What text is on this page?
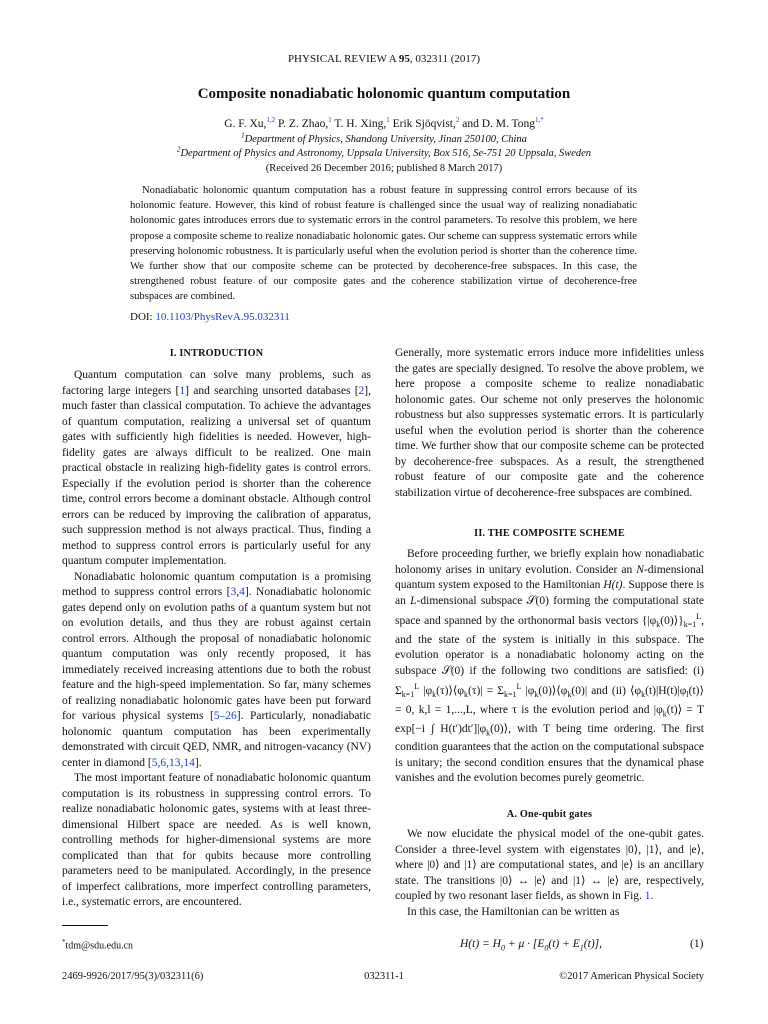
PHYSICAL REVIEW A 95, 032311 (2017)
Composite nonadiabatic holonomic quantum computation
G. F. Xu,$^{1,2}$ P. Z. Zhao,$^1$ T. H. Xing,$^1$ Erik Sjöqvist,$^2$ and D. M. Tong$^{1,*}$
$^1$Department of Physics, Shandong University, Jinan 250100, China
$^2$Department of Physics and Astronomy, Uppsala University, Box 516, Se-751 20 Uppsala, Sweden
(Received 26 December 2016; published 8 March 2017)

Nonadiabatic holonomic quantum computation has a robust feature in suppressing control errors because of its holonomic feature. However, this kind of robust feature is challenged since the usual way of realizing nonadiabatic holonomic gates introduces errors due to systematic errors in the control parameters. To resolve this problem, we here propose a composite scheme to realize nonadiabatic holonomic gates. Our scheme can suppress systematic errors while preserving holonomic robustness. It is particularly useful when the evolution period is shorter than the coherence time. We further show that our composite scheme can be protected by decoherence-free subspaces. In this case, the strengthened robust feature of our composite gates and the coherence stabilization virtue of decoherence-free subspaces are combined.

DOI: 10.1103/PhysRevA.95.032311
I. INTRODUCTION

Quantum computation can solve many problems, such as factoring large integers [1] and searching unsorted databases [2], much faster than classical computation. To achieve the advantages of quantum computation, realizing a universal set of quantum gates with sufficiently high fidelities is needed. However, high-fidelity gates are always difficult to be realized. One main practical obstacle in realizing high-fidelity gates is control errors. Especially if the evolution period is shorter than the coherence time, control errors become a dominant obstacle. Although control errors can be reduced by improving the calibration of apparatus, such suppression method is not always practical. Thus, finding a method to suppress control errors is particularly useful for any quantum computer implementation.

Nonadiabatic holonomic quantum computation is a promising method to suppress control errors [3,4]. Nonadiabatic holonomic gates depend only on evolution paths of a quantum system but not on evolution details, and thus they are robust against certain control errors. Although the proposal of nonadiabatic holonomic quantum computation was only recently proposed, it has immediately received increasing attentions due to both the robust feature and the high-speed implementation. So far, many schemes of realizing nonadiabatic holonomic gates have been put forward for various physical systems [5–26]. Particularly, nonadiabatic holonomic quantum computation has been experimentally demonstrated with circuit QED, NMR, and nitrogen-vacancy (NV) center in diamond [5,6,13,14].

The most important feature of nonadiabatic holonomic quantum computation is its robustness in suppressing control errors. To realize nonadiabatic holonomic gates, systems with at least three-dimensional Hilbert space are needed. As is well known, controlling methods for higher-dimensional systems are more complicated than that for qubits because more controlling parameters need to be manipulated. Accordingly, in the presence of imperfect calibrations, more imperfect controlling parameters, i.e., systematic errors, are encountered.

Generally, more systematic errors induce more infidelities unless the gates are specially designed. To resolve the above problem, we here propose a composite scheme to realize nonadiabatic holonomic gates. Our scheme not only preserves the holonomic robustness but also suppresses systematic errors. It is particularly useful when the evolution period is shorter than the coherence time. We further show that our composite scheme can be protected by decoherence-free subspaces. As a result, the strengthened robust feature of our composite gate and the coherence stabilization virtue of decoherence-free subspaces are combined.

II. THE COMPOSITE SCHEME

Before proceeding further, we briefly explain how nonadiabatic holonomy arises in unitary evolution. Consider an N-dimensional quantum system exposed to the Hamiltonian H(t). Suppose there is an L-dimensional subspace 𝒮(0) forming the computational state space and spanned by the orthonormal basis vectors $\{|\varphi_k(0)⟩\}_{k=1}^L$, and the state of the system is initially in this subspace. The evolution operator is a nonadiabatic holonomy acting on the subspace 𝒮(0) if the following two conditions are satisfied: (i) $\Sigma_{k=1}^L$ $|\varphi_k(\tau)⟩⟨\varphi_k(\tau)| = \Sigma_{k=1}^L$ $|\varphi_k(0)⟩⟨\varphi_k(0)|$ and (ii) $⟨\varphi_k(t)|H(t)|\varphi_l(t)⟩ = 0$, k,l = 1,...,L, where τ is the evolution period and $|\varphi_k(t)⟩ = T$ exp[−i ∫ $H(t')dt']|\varphi_k(0)⟩$, with T being time ordering. The first condition guarantees that the action on the computational subspace is unitary; the second condition ensures that the dynamical phase vanishes and the evolution becomes purely geometric.

A. One-qubit gates

We now elucidate the physical model of the one-qubit gates. Consider a three-level system with eigenstates |0⟩, |1⟩, and |e⟩, where |0⟩ and |1⟩ are computational states, and |e⟩ is an ancillary state. The transitions |0⟩ ↔ |e⟩ and |1⟩ ↔ |e⟩ are, respectively, coupled by two resonant laser fields, as shown in Fig. 1.

In this case, the Hamiltonian can be written as

$H(t) = H_0 + \mu \cdot [E_0(t) + E_1(t)]$,	(1)
*tdm@sdu.edu.cn
2469-9926/2017/95(3)/032311(6)	032311-1	©2017 American Physical Society
